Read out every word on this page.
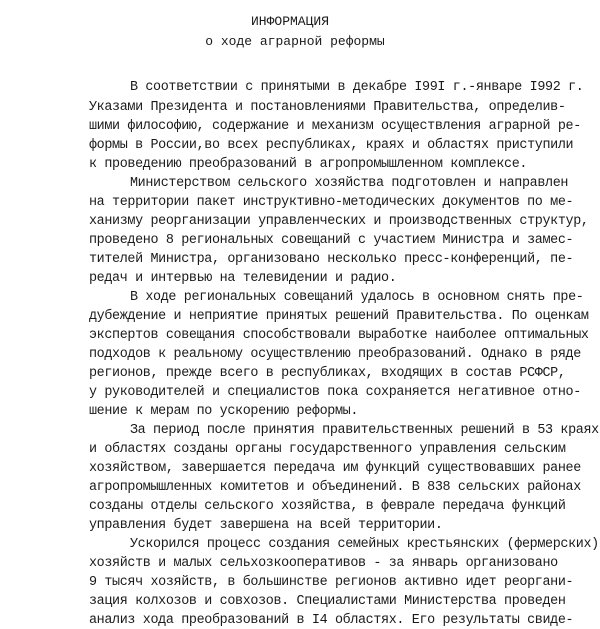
ИНФОРМАЦИЯ
о ходе аграрной реформы
В соответствии с принятыми в декабре I99I г.-январе I992 г.
Указами Президента и постановлениями Правительства, определив-
шими философию, содержание и механизм осуществления аграрной ре-
формы в России,во всех республиках, краях и областях приступили
к проведению преобразований в агропромышленном комплексе.
Министерством сельского хозяйства подготовлен и направлен
на территории пакет инструктивно-методических документов по ме-
ханизму реорганизации управленческих и производственных структур,
проведено 8 региональных совещаний с участием Министра и замес-
тителей Министра, организовано несколько пресс-конференций, пе-
редач и интервью на телевидении и радио.
В ходе региональных совещаний удалось в основном снять пре-
дубеждение и неприятие принятых решений Правительства. По оценкам
экспертов совещания способствовали выработке наиболее оптимальных
подходов к реальному осуществлению преобразований. Однако в ряде
регионов, прежде всего в республиках, входящих в состав РСФСР,
у руководителей и специалистов пока сохраняется негативное отно-
шение к мерам по ускорению реформы.
За период после принятия правительственных решений в 53 краях
и областях созданы органы государственного управления сельским
хозяйством, завершается передача им функций существовавших ранее
агропромышленных комитетов и объединений. В 838 сельских районах
созданы отделы сельского хозяйства, в феврале передача функций
управления будет завершена на всей территории.
Ускорился процесс создания семейных крестьянских (фермерских)
хозяйств и малых сельхозкооперативов - за январь организовано
9 тысяч хозяйств, в большинстве регионов активно идет реоргани-
зация колхозов и совхозов. Специалистами Министерства проведен
анализ хода преобразований в I4 областях. Его результаты свиде-
